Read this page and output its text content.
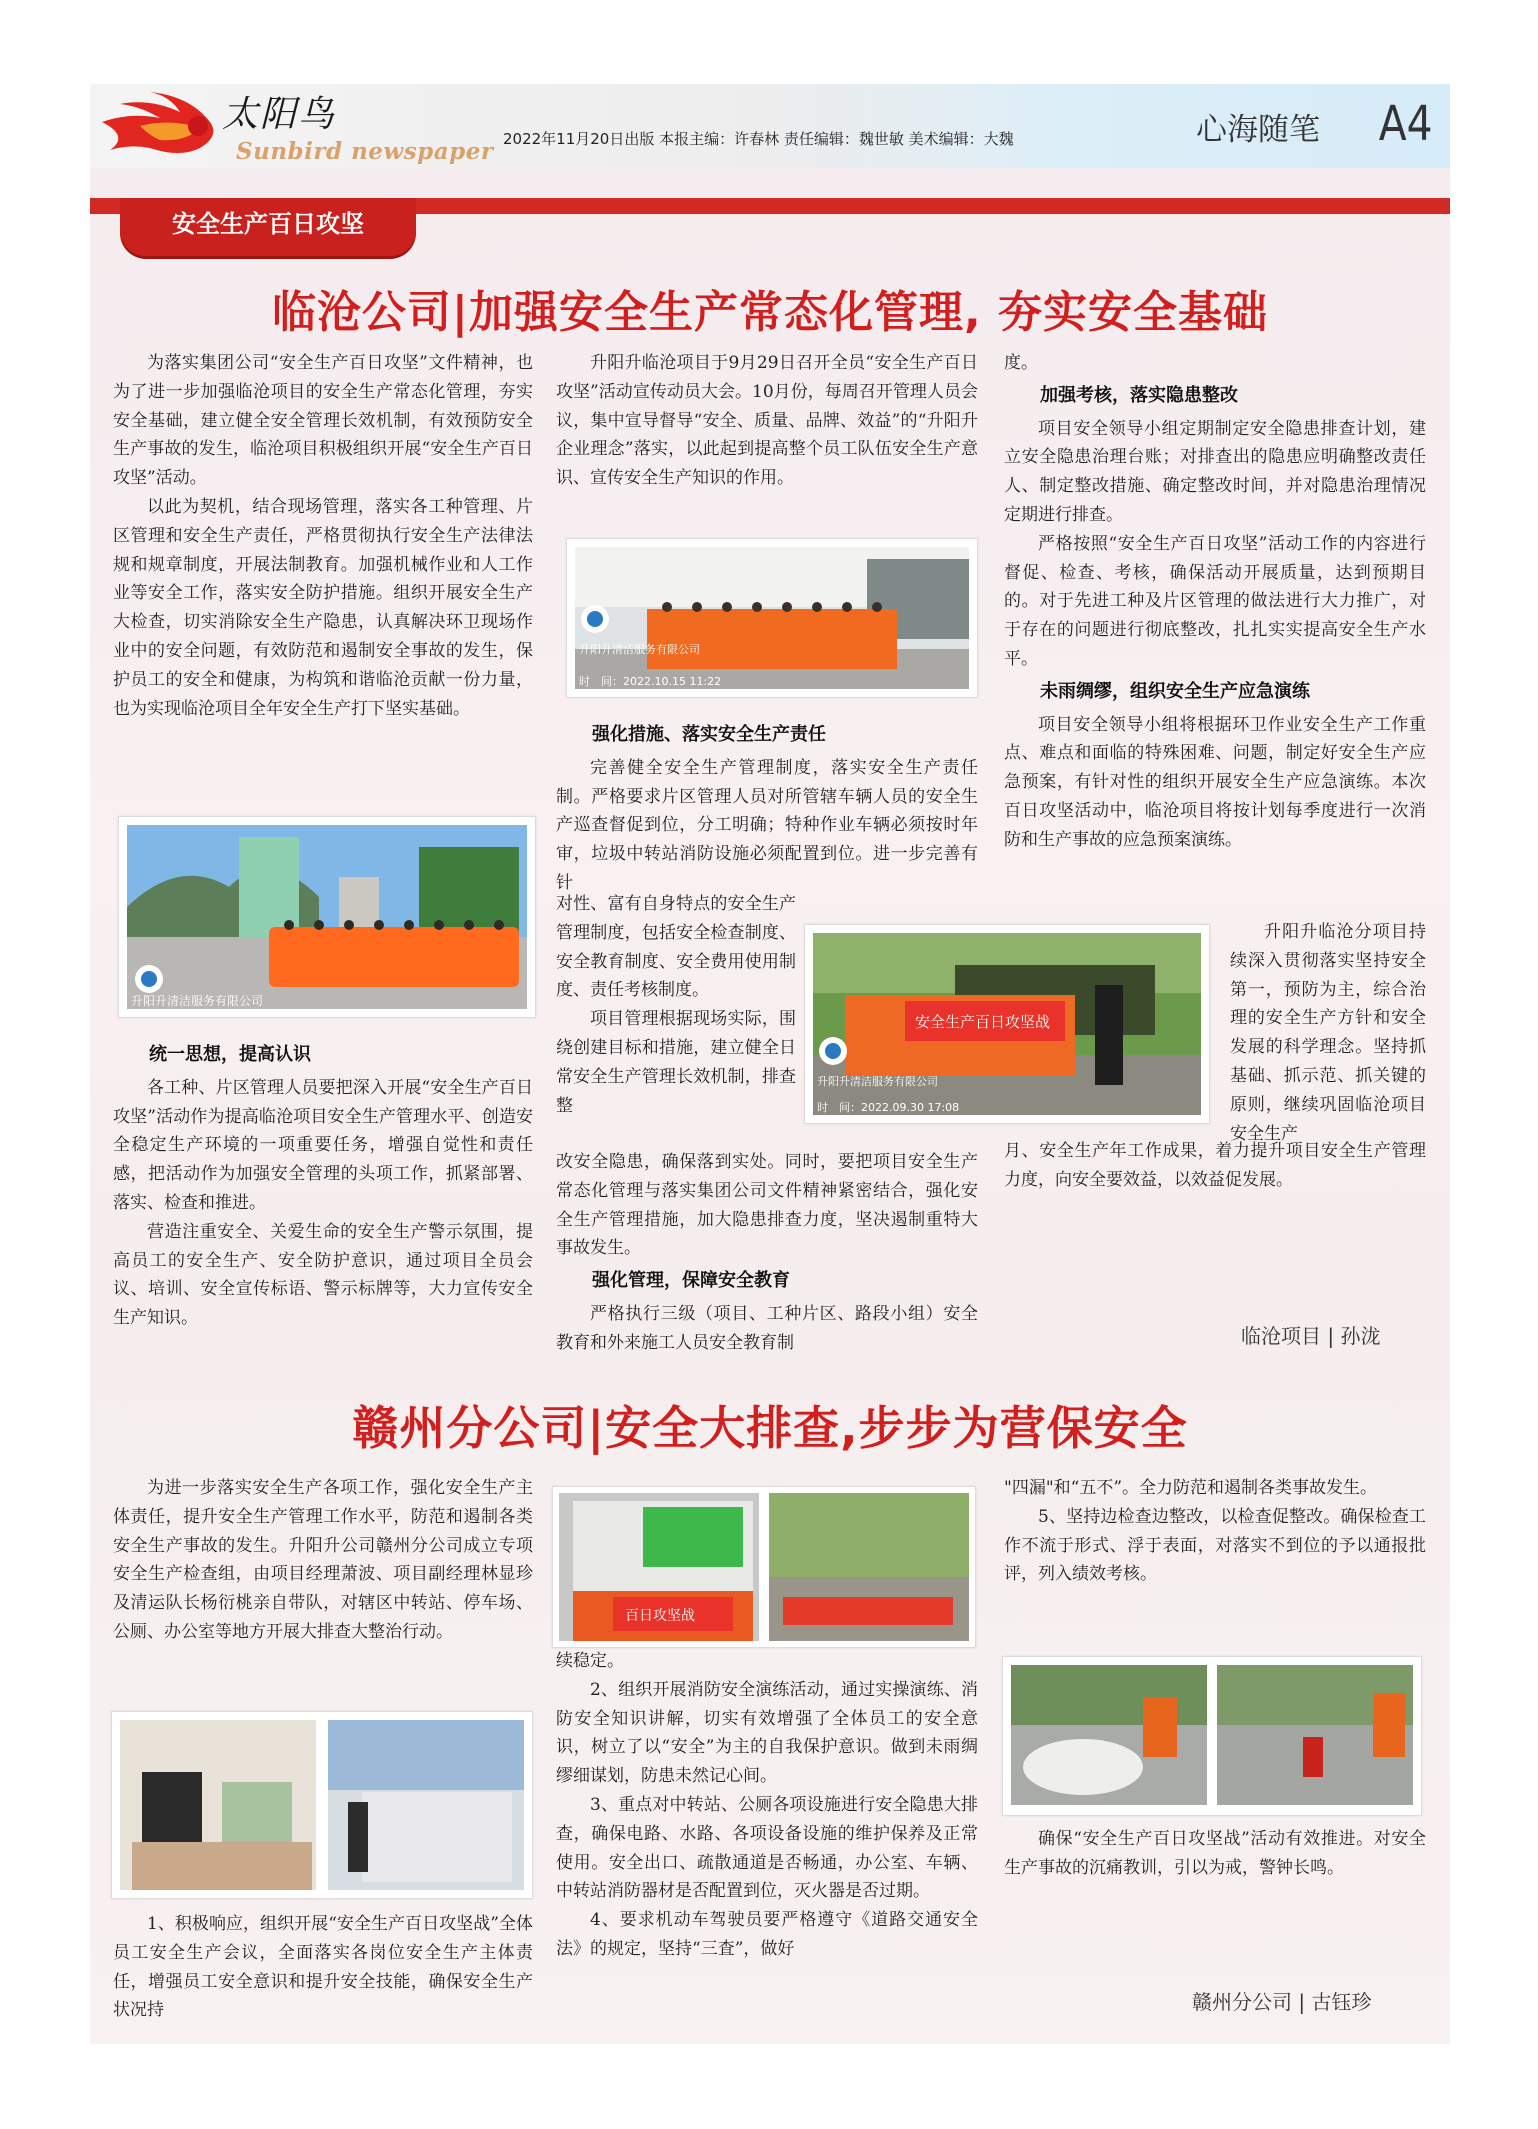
太阳鸟
Sunbird newspaper 2022年11月20日出版 本报主编：许春林 责任编辑：魏世敏 美术编辑：大魏	心海随笔 A4
安全生产百日攻坚
临沧公司|加强安全生产常态化管理, 夯实安全基础

为落实集团公司“安全生产百日攻坚”文件精神，也为了进一步加强临沧项目的安全生产常态化管理，夯实安全基础，建立健全安全管理长效机制，有效预防安全生产事故的发生，临沧项目积极组织开展“安全生产百日攻坚”活动。

以此为契机，结合现场管理，落实各工种管理、片区管理和安全生产责任，严格贯彻执行安全生产法律法规和规章制度，开展法制教育。加强机械作业和人工作业等安全工作，落实安全防护措施。组织开展安全生产大检查，切实消除安全生产隐患，认真解决环卫现场作业中的安全问题，有效防范和遏制安全事故的发生，保护员工的安全和健康，为构筑和谐临沧贡献一份力量，也为实现临沧项目全年安全生产打下坚实基础。

升阳升清洁服务有限公司
统一思想，提高认识

各工种、片区管理人员要把深入开展“安全生产百日攻坚”活动作为提高临沧项目安全生产管理水平、创造安全稳定生产环境的一项重要任务，增强自觉性和责任感，把活动作为加强安全管理的头项工作，抓紧部署、落实、检查和推进。

营造注重安全、关爱生命的安全生产警示氛围，提高员工的安全生产、安全防护意识，通过项目全员会议、培训、安全宣传标语、警示标牌等，大力宣传安全生产知识。

升阳升临沧项目于9月29日召开全员“安全生产百日攻坚”活动宣传动员大会。10月份，每周召开管理人员会议，集中宣导督导“安全、质量、品牌、效益”的“升阳升企业理念”落实，以此起到提高整个员工队伍安全生产意识、宣传安全生产知识的作用。

升阳升清洁服务有限公司
时　间：2022.10.15 11:22
强化措施、落实安全生产责任

完善健全安全生产管理制度，落实安全生产责任制。严格要求片区管理人员对所管辖车辆人员的安全生产巡查督促到位，分工明确；特种作业车辆必须按时年审，垃圾中转站消防设施必须配置到位。进一步完善有针

对性、富有自身特点的安全生产管理制度，包括安全检查制度、安全教育制度、安全费用使用制度、责任考核制度。

项目管理根据现场实际，围绕创建目标和措施，建立健全日常安全生产管理长效机制，排查整

改安全隐患，确保落到实处。同时，要把项目安全生产常态化管理与落实集团公司文件精神紧密结合，强化安全生产管理措施，加大隐患排查力度，坚决遏制重特大事故发生。

强化管理，保障安全教育

严格执行三级（项目、工种片区、路段小组）安全教育和外来施工人员安全教育制

度。

加强考核，落实隐患整改

项目安全领导小组定期制定安全隐患排查计划，建立安全隐患治理台账；对排查出的隐患应明确整改责任人、制定整改措施、确定整改时间，并对隐患治理情况定期进行排查。

严格按照“安全生产百日攻坚”活动工作的内容进行督促、检查、考核，确保活动开展质量，达到预期目的。对于先进工种及片区管理的做法进行大力推广，对于存在的问题进行彻底整改，扎扎实实提高安全生产水平。

未雨绸缪，组织安全生产应急演练

项目安全领导小组将根据环卫作业安全生产工作重点、难点和面临的特殊困难、问题，制定好安全生产应急预案，有针对性的组织开展安全生产应急演练。本次百日攻坚活动中，临沧项目将按计划每季度进行一次消防和生产事故的应急预案演练。

安全生产百日攻坚战
升阳升清洁服务有限公司
时　间：2022.09.30 17:08

升阳升临沧分项目持续深入贯彻落实坚持安全第一，预防为主，综合治理的安全生产方针和安全发展的科学理念。坚持抓基础、抓示范、抓关键的原则，继续巩固临沧项目安全生产

月、安全生产年工作成果，着力提升项目安全生产管理力度，向安全要效益，以效益促发展。

临沧项目 | 孙泷
赣州分公司|安全大排查,步步为营保安全

为进一步落实安全生产各项工作，强化安全生产主体责任，提升安全生产管理工作水平，防范和遏制各类安全生产事故的发生。升阳升公司赣州分公司成立专项安全生产检查组，由项目经理萧波、项目副经理林显珍及清运队长杨衍桃亲自带队，对辖区中转站、停车场、公厕、办公室等地方开展大排查大整治行动。

1、积极响应，组织开展“安全生产百日攻坚战”全体员工安全生产会议，全面落实各岗位安全生产主体责任，增强员工安全意识和提升安全技能，确保安全生产状况持

百日攻坚战

续稳定。

2、组织开展消防安全演练活动，通过实操演练、消防安全知识讲解，切实有效增强了全体员工的安全意识，树立了以“安全”为主的自我保护意识。做到未雨绸缪细谋划，防患未然记心间。

3、重点对中转站、公厕各项设施进行安全隐患大排查，确保电路、水路、各项设备设施的维护保养及正常使用。安全出口、疏散通道是否畅通，办公室、车辆、中转站消防器材是否配置到位，灭火器是否过期。

4、要求机动车驾驶员要严格遵守《道路交通安全法》的规定，坚持“三査”，做好

"四漏"和“五不”。全力防范和遏制各类事故发生。

5、坚持边检查边整改，以检查促整改。确保检查工作不流于形式、浮于表面，对落实不到位的予以通报批评，列入绩效考核。

确保“安全生产百日攻坚战”活动有效推进。对安全生产事故的沉痛教训，引以为戒，警钟长鸣。

赣州分公司 | 古钰珍
